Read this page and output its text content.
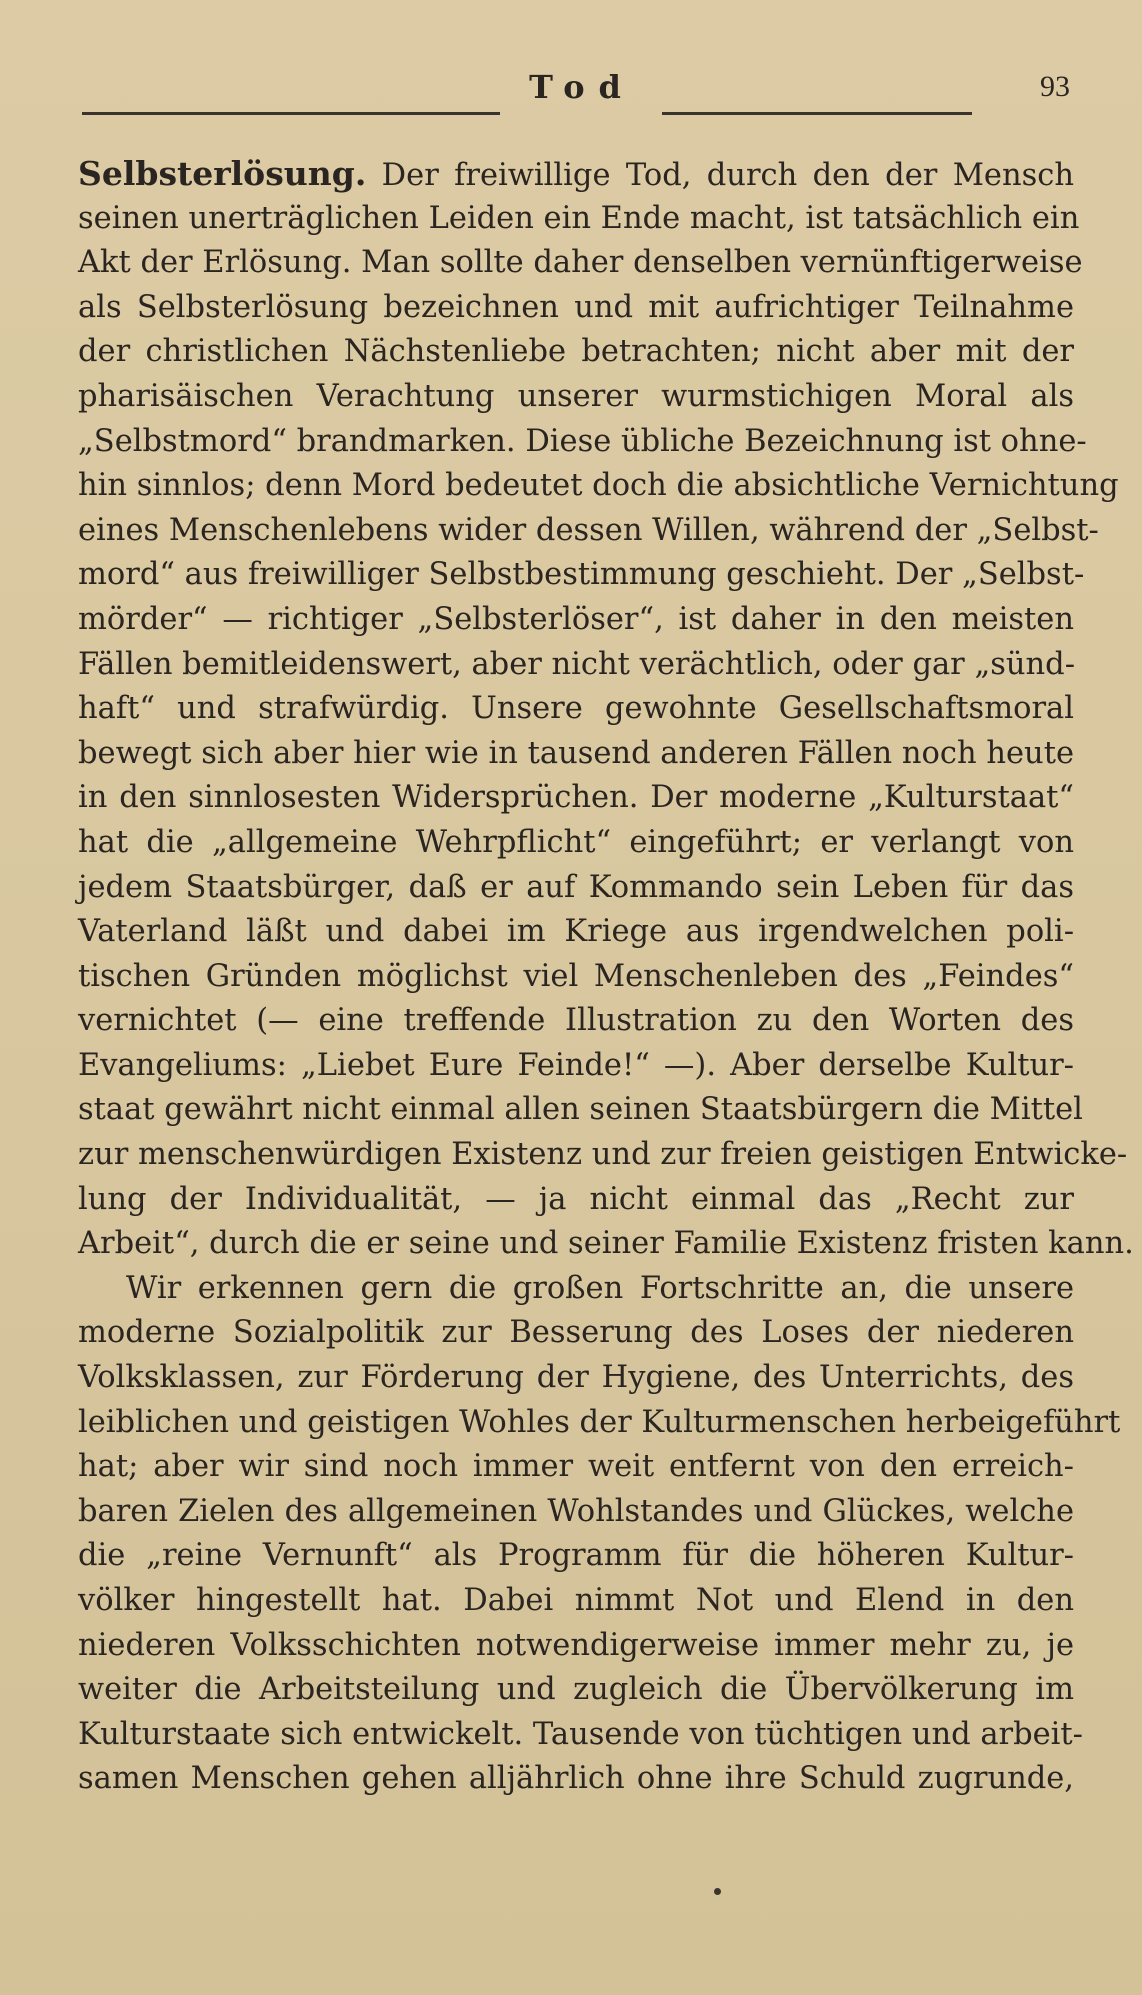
Tod	93
Selbsterlösung. Der freiwillige Tod, durch den der Mensch
seinen unerträglichen Leiden ein Ende macht, ist tatsächlich ein
Akt der Erlösung. Man sollte daher denselben vernünftigerweise
als Selbsterlösung bezeichnen und mit aufrichtiger Teilnahme
der christlichen Nächstenliebe betrachten; nicht aber mit der
pharisäischen Verachtung unserer wurmstichigen Moral als
„Selbstmord“ brandmarken. Diese übliche Bezeichnung ist ohne-
hin sinnlos; denn Mord bedeutet doch die absichtliche Vernichtung
eines Menschenlebens wider dessen Willen, während der „Selbst-
mord“ aus freiwilliger Selbstbestimmung geschieht. Der „Selbst-
mörder“ — richtiger „Selbsterlöser“, ist daher in den meisten
Fällen bemitleidenswert, aber nicht verächtlich, oder gar „sünd-
haft“ und strafwürdig. Unsere gewohnte Gesellschaftsmoral
bewegt sich aber hier wie in tausend anderen Fällen noch heute
in den sinnlosesten Widersprüchen. Der moderne „Kulturstaat“
hat die „allgemeine Wehrpflicht“ eingeführt; er verlangt von
jedem Staatsbürger, daß er auf Kommando sein Leben für das
Vaterland läßt und dabei im Kriege aus irgendwelchen poli-
tischen Gründen möglichst viel Menschenleben des „Feindes“
vernichtet (— eine treffende Illustration zu den Worten des
Evangeliums: „Liebet Eure Feinde!“ —). Aber derselbe Kultur-
staat gewährt nicht einmal allen seinen Staatsbürgern die Mittel
zur menschenwürdigen Existenz und zur freien geistigen Entwicke-
lung der Individualität, — ja nicht einmal das „Recht zur
Arbeit“, durch die er seine und seiner Familie Existenz fristen kann.
Wir erkennen gern die großen Fortschritte an, die unsere
moderne Sozialpolitik zur Besserung des Loses der niederen
Volksklassen, zur Förderung der Hygiene, des Unterrichts, des
leiblichen und geistigen Wohles der Kulturmenschen herbeigeführt
hat; aber wir sind noch immer weit entfernt von den erreich-
baren Zielen des allgemeinen Wohlstandes und Glückes, welche
die „reine Vernunft“ als Programm für die höheren Kultur-
völker hingestellt hat. Dabei nimmt Not und Elend in den
niederen Volksschichten notwendigerweise immer mehr zu, je
weiter die Arbeitsteilung und zugleich die Übervölkerung im
Kulturstaate sich entwickelt. Tausende von tüchtigen und arbeit-
samen Menschen gehen alljährlich ohne ihre Schuld zugrunde,
